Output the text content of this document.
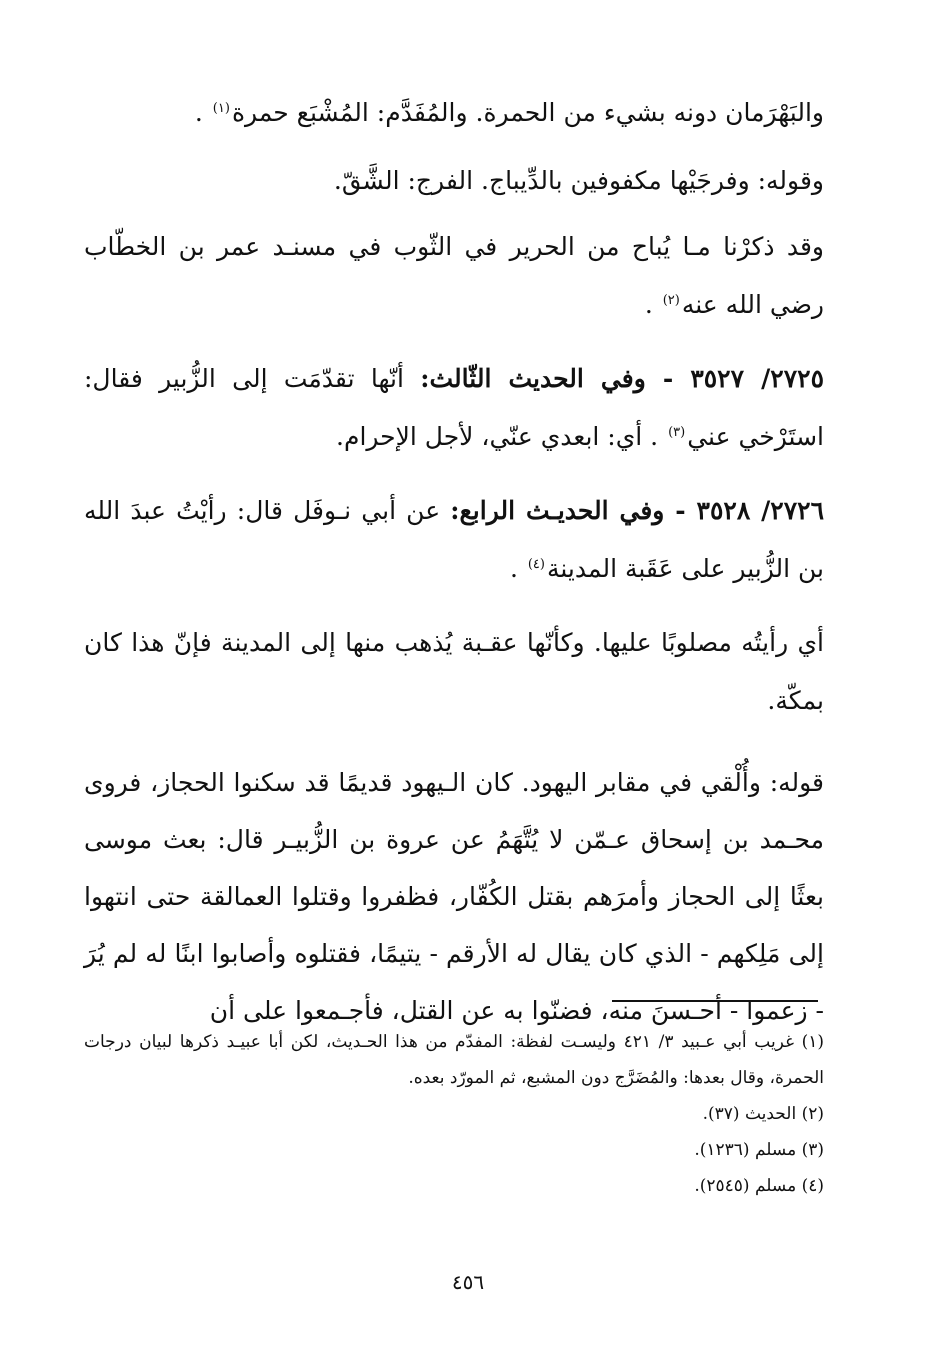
والبَهْرَمان دونه بشيء من الحمرة. والمُفَدَّم: المُشْبَع حمرة$^{(١)}$ .

وقوله: وفرجَيْها مكفوفين بالدِّيباج. الفرج: الشَّقّ.

وقد ذكرْنا مـا يُباح من الحرير في الثّوب في مسنـد عمر بن الخطّاب رضي الله عنه$^{(٢)}$ .

٢٧٢٥/ ٣٥٢٧ - وفي الحديث الثّالث: أنّها تقدّمَت إلى الزُّبير فقال: استَرْخي عني$^{(٣)}$ . أي: ابعدي عنّي، لأجل الإحرام.

٢٧٢٦/ ٣٥٢٨ - وفي الحديـث الرابع: عن أبي نـوفَل قال: رأيْتُ عبدَ الله بن الزُّبير على عَقَبة المدينة$^{(٤)}$ .

أي رأيتُه مصلوبًا عليها. وكأنّها عقـبة يُذهب منها إلى المدينة فإنّ هذا كان بمكّة.

قوله: وأُلْقي في مقابر اليهود. كان الـيهود قديمًا قد سكنوا الحجاز، فروى محـمد بن إسحاق عـمّن لا يُتَّهَمُ عن عروة بن الزُّبيـر قال: بعث موسى بعثًا إلى الحجاز وأمرَهم بقتل الكُفّار، فظفروا وقتلوا العمالقة حتى انتهوا إلى مَلِكهم - الذي كان يقال له الأرقم - يتيمًا، فقتلوه وأصابوا ابنًا له لم يُرَ - زعموا - أحـسنَ منه، فضنّوا به عن القتل، فأجـمعوا على أن

(١) غريب أبي عـبيد ٣/ ٤٢١ وليسـت لفظة: المفدّم من هذا الحـديث، لكن أبا عبيـد ذكرها لبيان درجات الحمرة، وقال بعدها: والمُضَرَّج دون المشبع، ثم المورّد بعده.

(٢) الحديث (٣٧).

(٣) مسلم (١٢٣٦).

(٤) مسلم (٢٥٤٥).

٤٥٦
